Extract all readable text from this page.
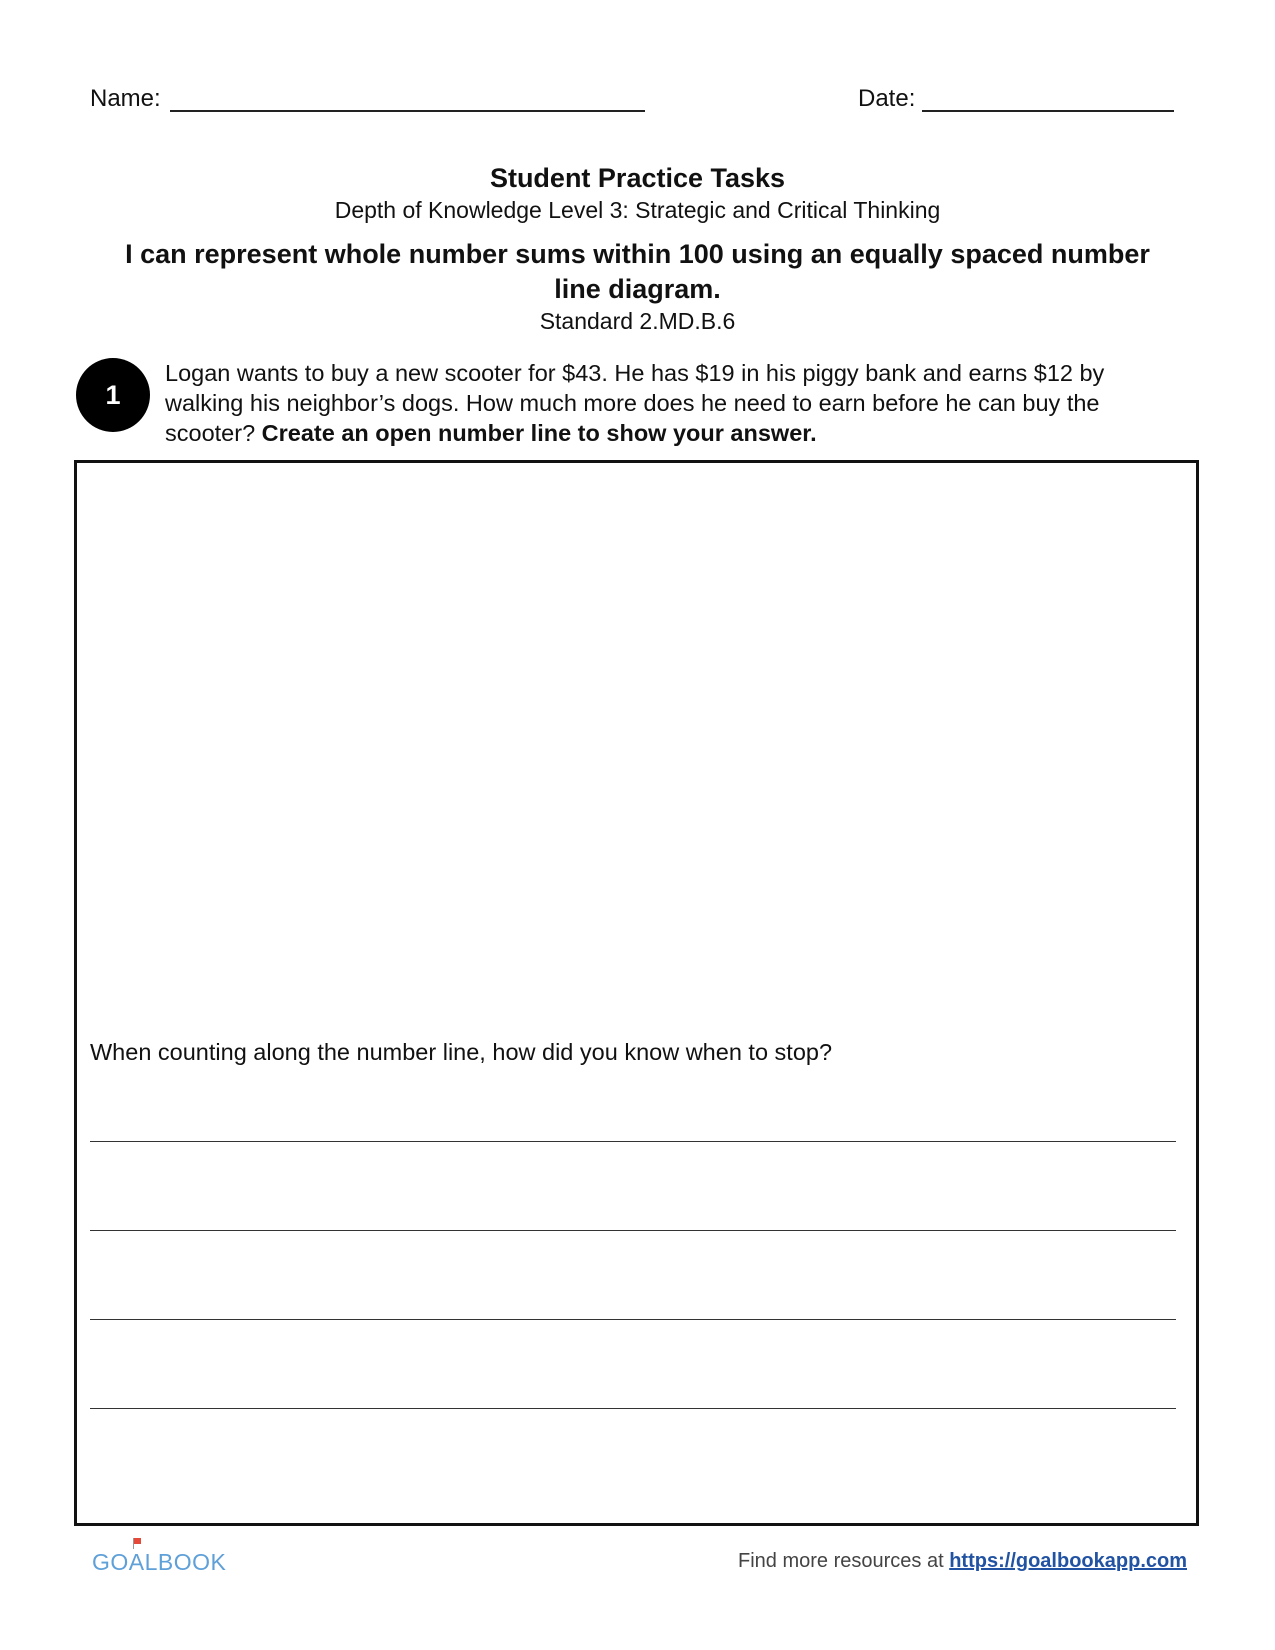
Name:	Date:
Student Practice Tasks
Depth of Knowledge Level 3: Strategic and Critical Thinking
I can represent whole number sums within 100 using an equally spaced number line diagram.
Standard 2.MD.B.6
1
Logan wants to buy a new scooter for $43. He has $19 in his piggy bank and earns $12 by walking his neighbor’s dogs. How much more does he need to earn before he can buy the scooter? Create an open number line to show your answer.
When counting along the number line, how did you know when to stop?
GO
ALBOOK	Find more resources at https://goalbookapp.com
